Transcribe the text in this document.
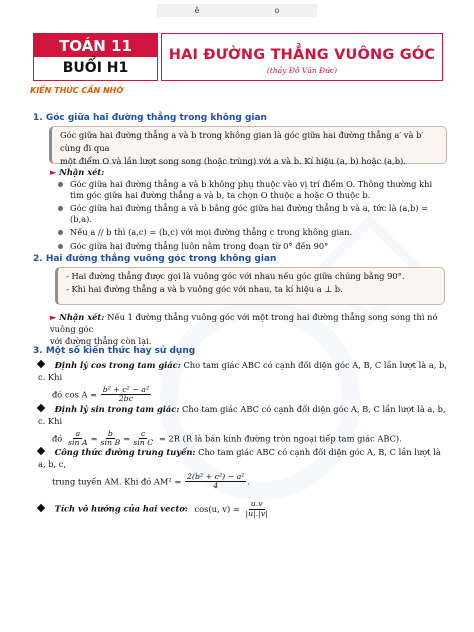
ê	o
TOÁN 11
BUỔI H1
HAI ĐƯỜNG THẲNG VUÔNG GÓC
(thầy Đỗ Văn Đức)
KIẾN THỨC CẦN NHỚ
1. Góc giữa hai đường thẳng trong không gian
Góc giữa hai đường thẳng a và b trong không gian là góc giữa hai đường thẳng a′ và b′ cùng đi qua
một điểm O và lần lượt song song (hoặc trùng) với a và b. Kí hiệu (a, b) hoặc (a,b).
► Nhận xét:
Góc giữa hai đường thẳng a và b không phụ thuộc vào vị trí điểm O. Thông thường khi tìm góc giữa hai đường thẳng a và b, ta chọn O thuộc a hoặc O thuộc b.
Góc giữa hai đường thẳng a và b bằng góc giữa hai đường thẳng b và a, tức là (a,b) = (b,a).
Nếu a // b thì (a,c) = (b,c) với mọi đường thẳng c trong không gian.
Góc giữa hai đường thẳng luôn nằm trong đoạn từ 0° đến 90°
2. Hai đường thẳng vuông góc trong không gian
- Hai đường thẳng được gọi là vuông góc với nhau nếu góc giữa chúng bằng 90°.
- Khi hai đường thẳng a và b vuông góc với nhau, ta kí hiệu a ⊥ b.
► Nhận xét: Nếu 1 đường thẳng vuông góc với một trong hai đường thẳng song song thì nó vuông góc
với đường thẳng còn lại.
3. Một số kiến thức hay sử dụng
Định lý cos trong tam giác: Cho tam giác ABC có cạnh đối diện góc A, B, C lần lượt là a, b, c. Khi
đó $\cos A = \frac{\text{b² + c² − a²}}{2bc}$
Định lý sin trong tam giác: Cho tam giác ABC có cạnh đối diện góc A, B, C lần lượt là a, b, c. Khi
đó $\frac{a}{\text{sin A}} = \frac{b}{\text{sin B}} = \frac{c}{\text{sin C}} = 2R$ (R là bán kính đường tròn ngoại tiếp tam giác ABC).
Công thức đường trung tuyến: Cho tam giác ABC có cạnh đối diện góc A, B, C lần lượt là a, b, c,
trung tuyến AM. Khi đó $AM^2 = \frac{\text{2(b² + c²) − a²}}{4}$ .
Tích vô hướng của hai vectơ: cos(u, $v) = \frac{u.v}{|u|.|v|}$
